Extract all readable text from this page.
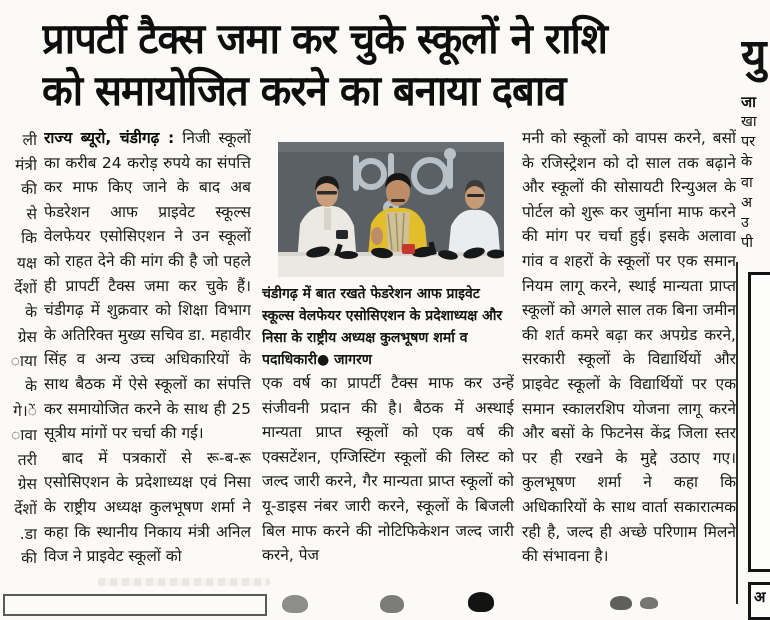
प्रापर्टी टैक्स जमा कर चुके स्कूलों ने राशि
को समायोजित करने का बनाया दबाव
ली
मंत्री
की
से
कि
यक्ष
र्देशों
के
ग्रेस
ाया
के
ेंगे।
ावा
तरी
ग्रेस
र्देशों
डा.
की

राज्य ब्यूरो, चंडीगढ़ : निजी स्कूलों का करीब 24 करोड़ रुपये का संपत्ति कर माफ किए जाने के बाद अब फेडरेशन आफ प्राइवेट स्कूल्स वेलफेयर एसोसिएशन ने उन स्कूलों को राहत देने की मांग की है जो पहले ही प्रापर्टी टैक्स जमा कर चुके हैं। चंडीगढ़ में शुक्रवार को शिक्षा विभाग के अतिरिक्त मुख्य सचिव डा. महावीर सिंह व अन्य उच्च अधिकारियों के साथ बैठक में ऐसे स्कूलों का संपत्ति कर समायोजित करने के साथ ही 25 सूत्रीय मांगों पर चर्चा की गई।

बाद में पत्रकारों से रू-ब-रू एसोसिएशन के प्रदेशाध्यक्ष एवं निसा के राष्ट्रीय अध्यक्ष कुलभूषण शर्मा ने कहा कि स्थानीय निकाय मंत्री अनिल विज ने प्राइवेट स्कूलों को

चंडीगढ़ में बात रखते फेडरेशन आफ प्राइवेट स्कूल्स वेलफेयर एसोसिएशन के प्रदेशाध्यक्ष और निसा के राष्ट्रीय अध्यक्ष कुलभूषण शर्मा व पदाधिकारी● जागरण

एक वर्ष का प्रापर्टी टैक्स माफ कर उन्हें संजीवनी प्रदान की है। बैठक में अस्थाई मान्यता प्राप्त स्कूलों को एक वर्ष की एक्सटेंशन, एग्जिस्टिंग स्कूलों की लिस्ट को जल्द जारी करने, गैर मान्यता प्राप्त स्कूलों को यू-डाइस नंबर जारी करने, स्कूलों के बिजली बिल माफ करने की नोटिफिकेशन जल्द जारी करने, पेज

मनी को स्कूलों को वापस करने, बसों के रजिस्ट्रेशन को दो साल तक बढ़ाने और स्कूलों की सोसायटी रिन्युअल के पोर्टल को शुरू कर जुर्माना माफ करने की मांग पर चर्चा हुई। इसके अलावा गांव व शहरों के स्कूलों पर एक समान नियम लागू करने, स्थाई मान्यता प्राप्त स्कूलों को अगले साल तक बिना जमीन की शर्त कमरे बढ़ा कर अपग्रेड करने, सरकारी स्कूलों के विद्यार्थियों और प्राइवेट स्कूलों के विद्यार्थियों पर एक समान स्कालरशिप योजना लागू करने और बसों के फिटनेस केंद्र जिला स्तर पर ही रखने के मुद्दे उठाए गए। कुलभूषण शर्मा ने कहा कि अधिकारियों के साथ वार्ता सकारात्मक रही है, जल्द ही अच्छे परिणाम मिलने की संभावना है।

यु
जा
खा
पर
के
वा
अ
उ
पी
अ
